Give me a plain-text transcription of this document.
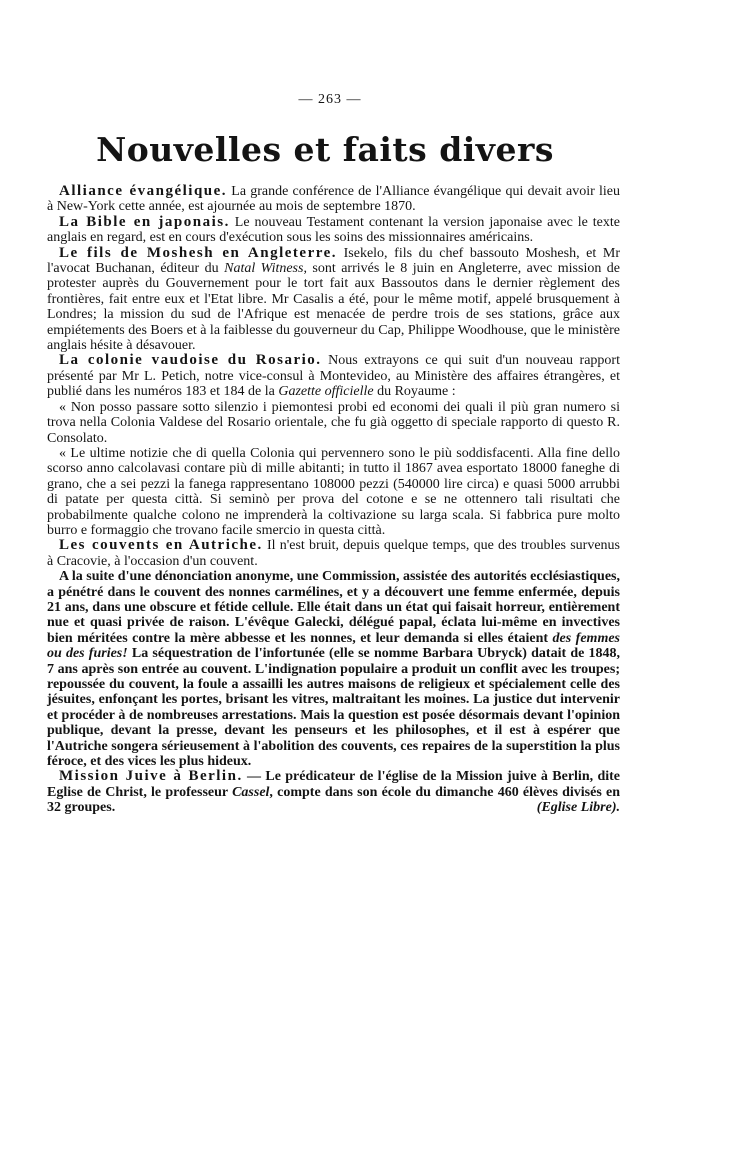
— 263 —
Nouvelles et faits divers

Alliance évangélique. La grande conférence de l'Alliance évangélique qui devait avoir lieu à New-York cette année, est ajournée au mois de septembre 1870.

La Bible en japonais. Le nouveau Testament contenant la version japonaise avec le texte anglais en regard, est en cours d'exécution sous les soins des missionnaires américains.

Le fils de Moshesh en Angleterre. Isekelo, fils du chef bassouto Moshesh, et Mr l'avocat Buchanan, éditeur du Natal Witness, sont arrivés le 8 juin en Angleterre, avec mission de protester auprès du Gouvernement pour le tort fait aux Bassoutos dans le dernier règlement des frontières, fait entre eux et l'Etat libre. Mr Casalis a été, pour le même motif, appelé brusquement à Londres; la mission du sud de l'Afrique est menacée de perdre trois de ses stations, grâce aux empiétements des Boers et à la faiblesse du gouverneur du Cap, Philippe Woodhouse, que le ministère anglais hésite à désavouer.

La colonie vaudoise du Rosario. Nous extrayons ce qui suit d'un nouveau rapport présenté par Mr L. Petich, notre vice-consul à Montevideo, au Ministère des affaires étrangères, et publié dans les numéros 183 et 184 de la Gazette officielle du Royaume :

« Non posso passare sotto silenzio i piemontesi probi ed economi dei quali il più gran numero si trova nella Colonia Valdese del Rosario orientale, che fu già oggetto di speciale rapporto di questo R. Consolato.

« Le ultime notizie che di quella Colonia qui pervennero sono le più soddisfacenti. Alla fine dello scorso anno calcolavasi contare più di mille abitanti; in tutto il 1867 avea esportato 18000 faneghe di grano, che a sei pezzi la fanega rappresentano 108000 pezzi (540000 lire circa) e quasi 5000 arrubbi di patate per questa città. Si seminò per prova del cotone e se ne ottennero tali risultati che probabilmente qualche colono ne imprenderà la coltivazione su larga scala. Si fabbrica pure molto burro e formaggio che trovano facile smercio in questa città.

Les couvents en Autriche. Il n'est bruit, depuis quelque temps, que des troubles survenus à Cracovie, à l'occasion d'un couvent.

A la suite d'une dénonciation anonyme, une Commission, assistée des autorités ecclésiastiques, a pénétré dans le couvent des nonnes carmélines, et y a découvert une femme enfermée, depuis 21 ans, dans une obscure et fétide cellule. Elle était dans un état qui faisait horreur, entièrement nue et quasi privée de raison. L'évêque Galecki, délégué papal, éclata lui-même en invectives bien méritées contre la mère abbesse et les nonnes, et leur demanda si elles étaient des femmes ou des furies! La séquestration de l'infortunée (elle se nomme Barbara Ubryck) datait de 1848, 7 ans après son entrée au couvent. L'indignation populaire a produit un conflit avec les troupes; repoussée du couvent, la foule a assailli les autres maisons de religieux et spécialement celle des jésuites, enfonçant les portes, brisant les vitres, maltraitant les moines. La justice dut intervenir et procéder à de nombreuses arrestations. Mais la question est posée désormais devant l'opinion publique, devant la presse, devant les penseurs et les philosophes, et il est à espérer que l'Autriche songera sérieusement à l'abolition des couvents, ces repaires de la superstition la plus féroce, et des vices les plus hideux.

Mission Juive à Berlin. — Le prédicateur de l'église de la Mission juive à Berlin, dite Eglise de Christ, le professeur Cassel, compte dans son école du dimanche 460 élèves divisés en 32 groupes.	(Eglise Libre).
